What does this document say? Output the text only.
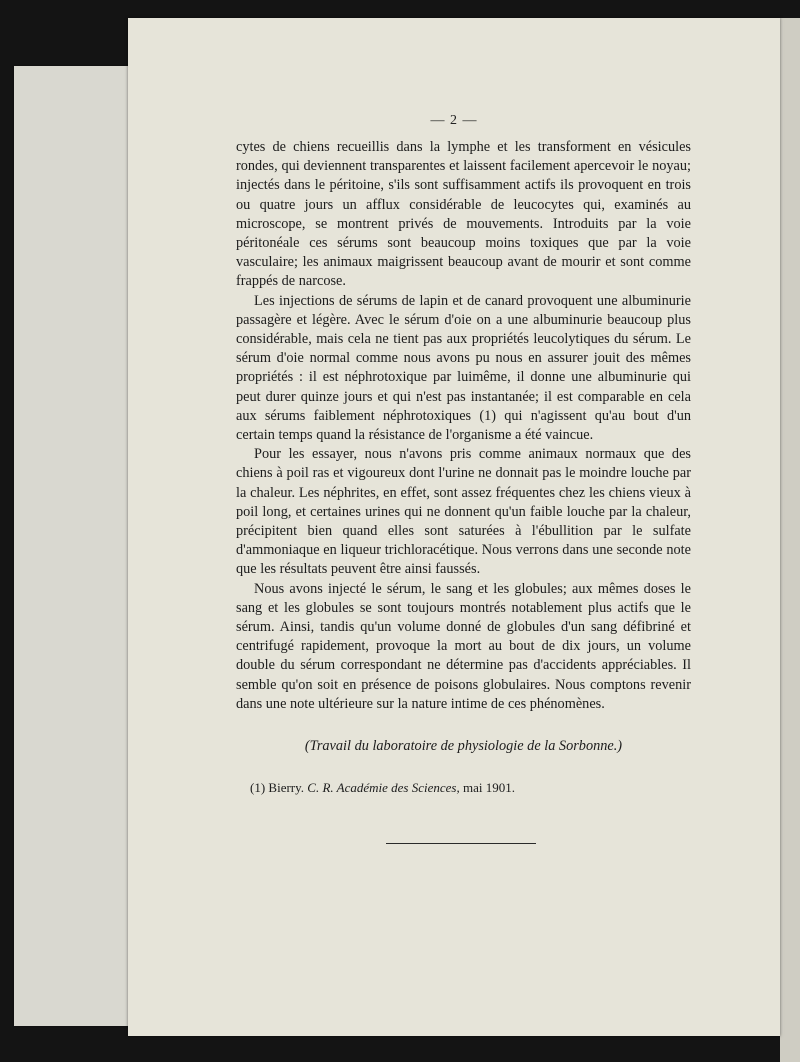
— 2 —

cytes de chiens recueillis dans la lymphe et les transforment en vésicules rondes, qui deviennent transparentes et laissent facilement apercevoir le noyau; injectés dans le péritoine, s'ils sont suffisamment actifs ils provoquent en trois ou quatre jours un afflux considérable de leucocytes qui, examinés au microscope, se montrent privés de mouvements. Introduits par la voie péritonéale ces sérums sont beaucoup moins toxiques que par la voie vasculaire; les animaux maigrissent beaucoup avant de mourir et sont comme frappés de narcose.

Les injections de sérums de lapin et de canard provoquent une albuminurie passagère et légère. Avec le sérum d'oie on a une albuminurie beaucoup plus considérable, mais cela ne tient pas aux propriétés leucolytiques du sérum. Le sérum d'oie normal comme nous avons pu nous en assurer jouit des mêmes propriétés : il est néphrotoxique par luimême, il donne une albuminurie qui peut durer quinze jours et qui n'est pas instantanée; il est comparable en cela aux sérums faiblement néphrotoxiques (1) qui n'agissent qu'au bout d'un certain temps quand la résistance de l'organisme a été vaincue.

Pour les essayer, nous n'avons pris comme animaux normaux que des chiens à poil ras et vigoureux dont l'urine ne donnait pas le moindre louche par la chaleur. Les néphrites, en effet, sont assez fréquentes chez les chiens vieux à poil long, et certaines urines qui ne donnent qu'un faible louche par la chaleur, précipitent bien quand elles sont saturées à l'ébullition par le sulfate d'ammoniaque en liqueur trichloracétique. Nous verrons dans une seconde note que les résultats peuvent être ainsi faussés.

Nous avons injecté le sérum, le sang et les globules; aux mêmes doses le sang et les globules se sont toujours montrés notablement plus actifs que le sérum. Ainsi, tandis qu'un volume donné de globules d'un sang défibriné et centrifugé rapidement, provoque la mort au bout de dix jours, un volume double du sérum correspondant ne détermine pas d'accidents appréciables. Il semble qu'on soit en présence de poisons globulaires. Nous comptons revenir dans une note ultérieure sur la nature intime de ces phénomènes.

(Travail du laboratoire de physiologie de la Sorbonne.)
(1) Bierry. C. R. Académie des Sciences, mai 1901.
